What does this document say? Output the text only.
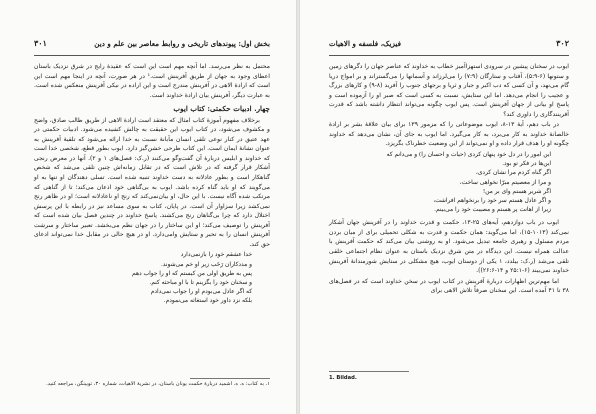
بخش اول: پیوندهای تاریخی و روابط معاصر بین علم و دین
۳۰۱

محتمل به نظر می‌رسد. اما آنچه مهم است این است که عقیدهٔ رایج در شرق نزدیک باستان اعطای وجود به جهان از طریق آفرینش است.¹ در هر صورت، آنچه در اینجا مهم است این است که ارادهٔ الاهی در آفرینش مندرج است و این اراده در نیکی آفرینش منعکس شده است. به عبارت دیگر، آفرینش بیان ارادهٔ خداوند است.

چهار. ادبیات حکمتی: کتاب ایوب

برخلاف مفهوم آموزهٔ کتاب امثال که معتقد است ارادهٔ الاهی از طریق طالب صادق، واضح و مکشوف می‌شود، در کتاب ایوب این حقیقت به چالش کشیده می‌شود. ادبیات حکمتی در عهد عتیق در کنار نوعی تلقی انسان مآبانهٔ نسبت به خدا ارائه می‌شود که تلقیهٔ آفرینش به عنوان نشانهٔ ایمان است. این کتاب طرحی خشن‌گیز دارد. ایوب بطور قطع، شخصی خدا است که خداوند و ابلیس دربارهٔ آن گفت‌وگو می‌کنند (ر.ک: فصل‌های ۱ و ۲). آنها در معرض رنجی آشکار قرار گرفته که در تلاش است که در تقابل زمانه‌اش چنین تلقی می‌شد که شخص گناهکار است و بطور عادلانه به دست خداوند تنبیه شده است. تسلی دهندگان او تنها به او می‌گویند که او باید گناه کرده باشد. ایوب به بی‌گناهی خود اذعان می‌کند؛ تا از گناهی که مرتکب شده آگاه نیست. با این حال، او بیان‌نمی‌کند که رنج او ناعادلانه است؛ او در ظاهر رنج نمی‌کشد زیرا سزاوار آن است. در پایان، کتاب به سوی مساعد نیز در رابطه با این پرسش اختلال دارد که چرا بی‌گناهان رنج می‌کشند. پاسخ خداوند در چندین فصل بیان شده است که آفرینش را توصیف می‌کند؛ او این ساختار را در جهان نظم می‌بخشد. تعبیر ساختار و سرشت آفرینش انسان را به تحیر و ستایش وامی‌دارد. او در هیچ حالی در مقابل خدا نمی‌تواند ادعای حق کند.

خدا عشقم خود را بازنمی‌دارد
و مددکاران رَحَب زیر او خم می‌شوند.
پس به طریق اولی من کیستم که او را جواب دهم
و سخنان خود را بگزینم تا با او مباحثه کنم.
که اگر عادل می‌بودم او را جواب نمی‌دادم
بلکه نزد داور خود استغاثه می‌نمودم.
۱. به کتاب: ه. ه. اشمید دربارهٔ حکمت یونان باستان، در نشریهٔ الاهیات، شماره ۳۰، توبینگن، مراجعه کنید.
۳۰۲
فیزیک، فلسفه و الاهیات

ایوب در سخنان پیشین در سرودی استهزاآمیز خطاب به خداوند که عناصر جهان را دگرهای زمین و ستونها (۶-۵:۹)، آفتاب و ستارگان (۷:۹) را می‌لرزاند و آسمانها را می‌گستراند و بر امواج دریا گام می‌نهد، و آن کسی که دب اکبر و جبار و ثریا و برجهای جنوب را آفرید (۸-۹) و کارهای بزرگ و عجیب را انجام می‌دهد. اما این ستایش، نسبت به کسی است که صبر او را آزموده است و پاسخ او بیانی از جهان آفرینش است. پس ایوب چگونه می‌تواند انتظار داشته باشد که قدرت آفرینندگاری را داوری کند؟

در باب دهم، آیهٔ ۱۳-۸، ایوب موضوعاتی را که مزمور ۱۳۹ برای بیان علاقهٔ بشر بر ارادهٔ خالصانهٔ خداوند به کار می‌برد، به کار می‌گیرد. اما ایوب به جای آن، نشان می‌دهد که خداوند چگونه او را هدف قرار داده و او نمی‌تواند از این وضعیت خطرناک بگریزد.

این امور را در دل خود پنهان کردی (حیات و احسان را) و می‌دانم که
این‌ها در فکر تو بود.
اگر گناه کردم مرا نشان کردی،
و مرا از معصیتم مبرّا نخواهی ساخت،
اگر شریر هستم وای بر من!
و اگر عادل هستم سر خود را برنخواهم افراشت،
زیرا از اهانت پر هستم و مصیبت خود را می‌بینم.

ایوب در باب دوازدهم، آیه‌های ۲۵-۱۳، حکمت و قدرت خداوند را در آفرینش جهان آشکار نمی‌کند (۱۰۱۳-۱۵)، اما می‌گوید: همان حکمت و قدرت به شکلی تحمیلی برای از میان بردن مردم مسئول و رهبری جامعه تبدیل می‌شود. او به روشنی بیان می‌کند که حکمت آفرینش با عدالت همراه نیست. این دیدگاه در متن شرق نزدیک باستان به عنوان نظام اجتماعی خلقی تلقی می‌شد (ر.ک: بیلدد، ۱ یکی از دوستان ایوب، هیچ مشکلی در ستایش شورمندانهٔ آفرینش خداوند نمی‌بیند (۶-۲۵:۱ و ۱۴-۲۶:۶)).

اما مهم‌ترین اظهارات دربارهٔ آفرینش در کتاب ایوب در سخن خداوند است که در فصل‌های ۳۸ تا ۴۱ آمده است. این سخنان صرفاً تلاش الاهی برای

1. Bildad.
